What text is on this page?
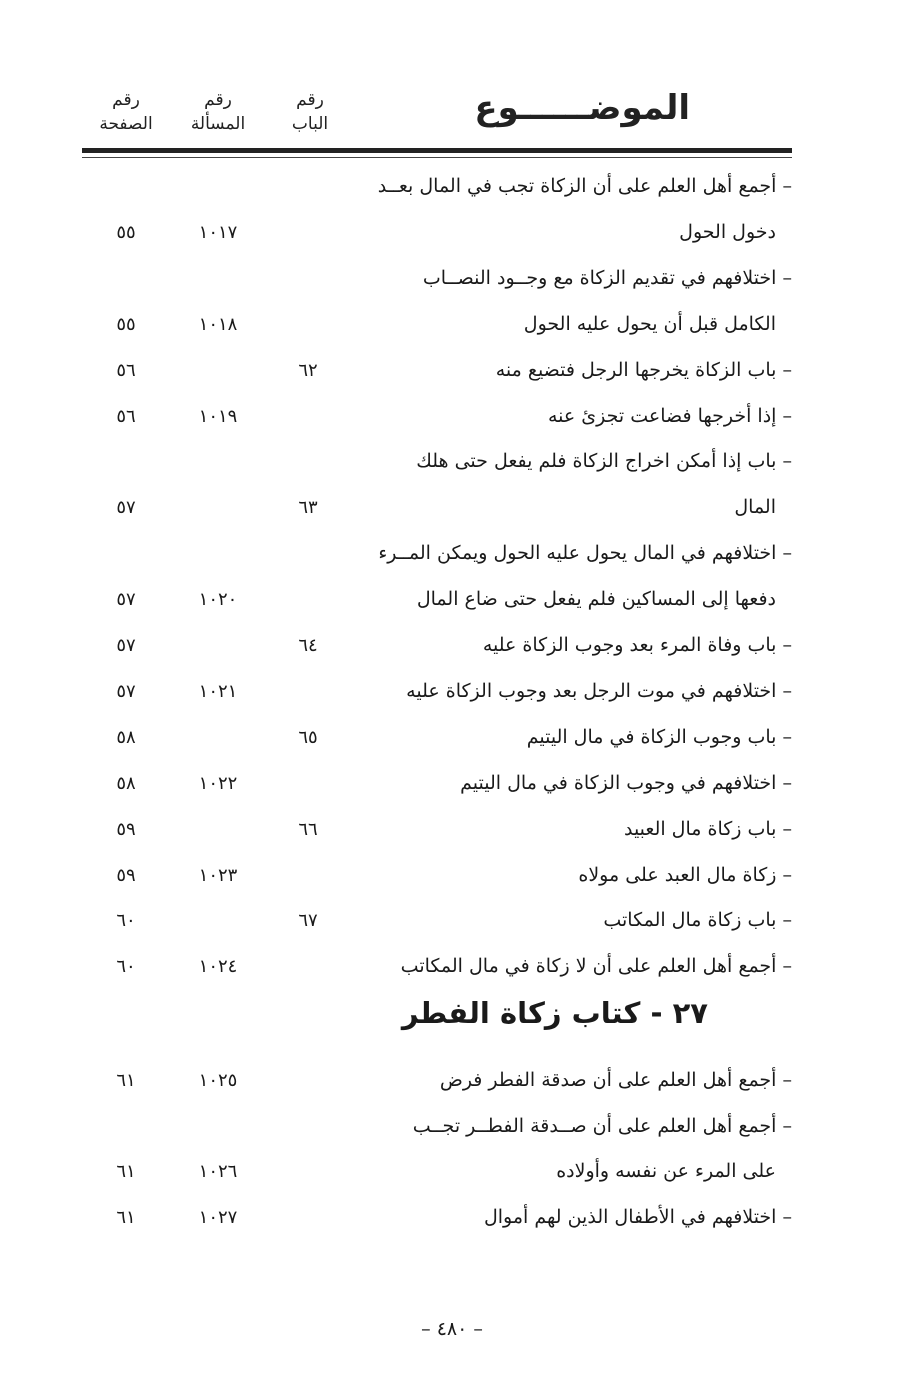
الموضــــــوع
رقم
الباب
رقم
المسألة
رقم
الصفحة
– أجمع أهل العلم على أن الزكاة تجب في المال بعــد
دخول الحول
١٠١٧
٥٥
– اختلافهم في تقديم الزكاة مع وجــود النصــاب
الكامل قبل أن يحول عليه الحول
١٠١٨
٥٥
– باب الزكاة يخرجها الرجل فتضيع منه
٦٢
٥٦
– إذا أخرجها فضاعت تجزئ عنه
١٠١٩
٥٦
– باب إذا أمكن اخراج الزكاة فلم يفعل حتى هلك
المال
٦٣
٥٧
– اختلافهم في المال يحول عليه الحول ويمكن المــرء
دفعها إلى المساكين فلم يفعل حتى ضاع المال
١٠٢٠
٥٧
– باب وفاة المرء بعد وجوب الزكاة عليه
٦٤
٥٧
– اختلافهم في موت الرجل بعد وجوب الزكاة عليه
١٠٢١
٥٧
– باب وجوب الزكاة في مال اليتيم
٦٥
٥٨
– اختلافهم في وجوب الزكاة في مال اليتيم
١٠٢٢
٥٨
– باب زكاة مال العبيد
٦٦
٥٩
– زكاة مال العبد على مولاه
١٠٢٣
٥٩
– باب زكاة مال المكاتب
٦٧
٦٠
– أجمع أهل العلم على أن لا زكاة في مال المكاتب
١٠٢٤
٦٠
٢٧ - كتاب زكاة الفطر
– أجمع أهل العلم على أن صدقة الفطر فرض
١٠٢٥
٦١
– أجمع أهل العلم على أن صــدقة الفطــر تجــب
على المرء عن نفسه وأولاده
١٠٢٦
٦١
– اختلافهم في الأطفال الذين لهم أموال
١٠٢٧
٦١
– ٤٨٠ –
